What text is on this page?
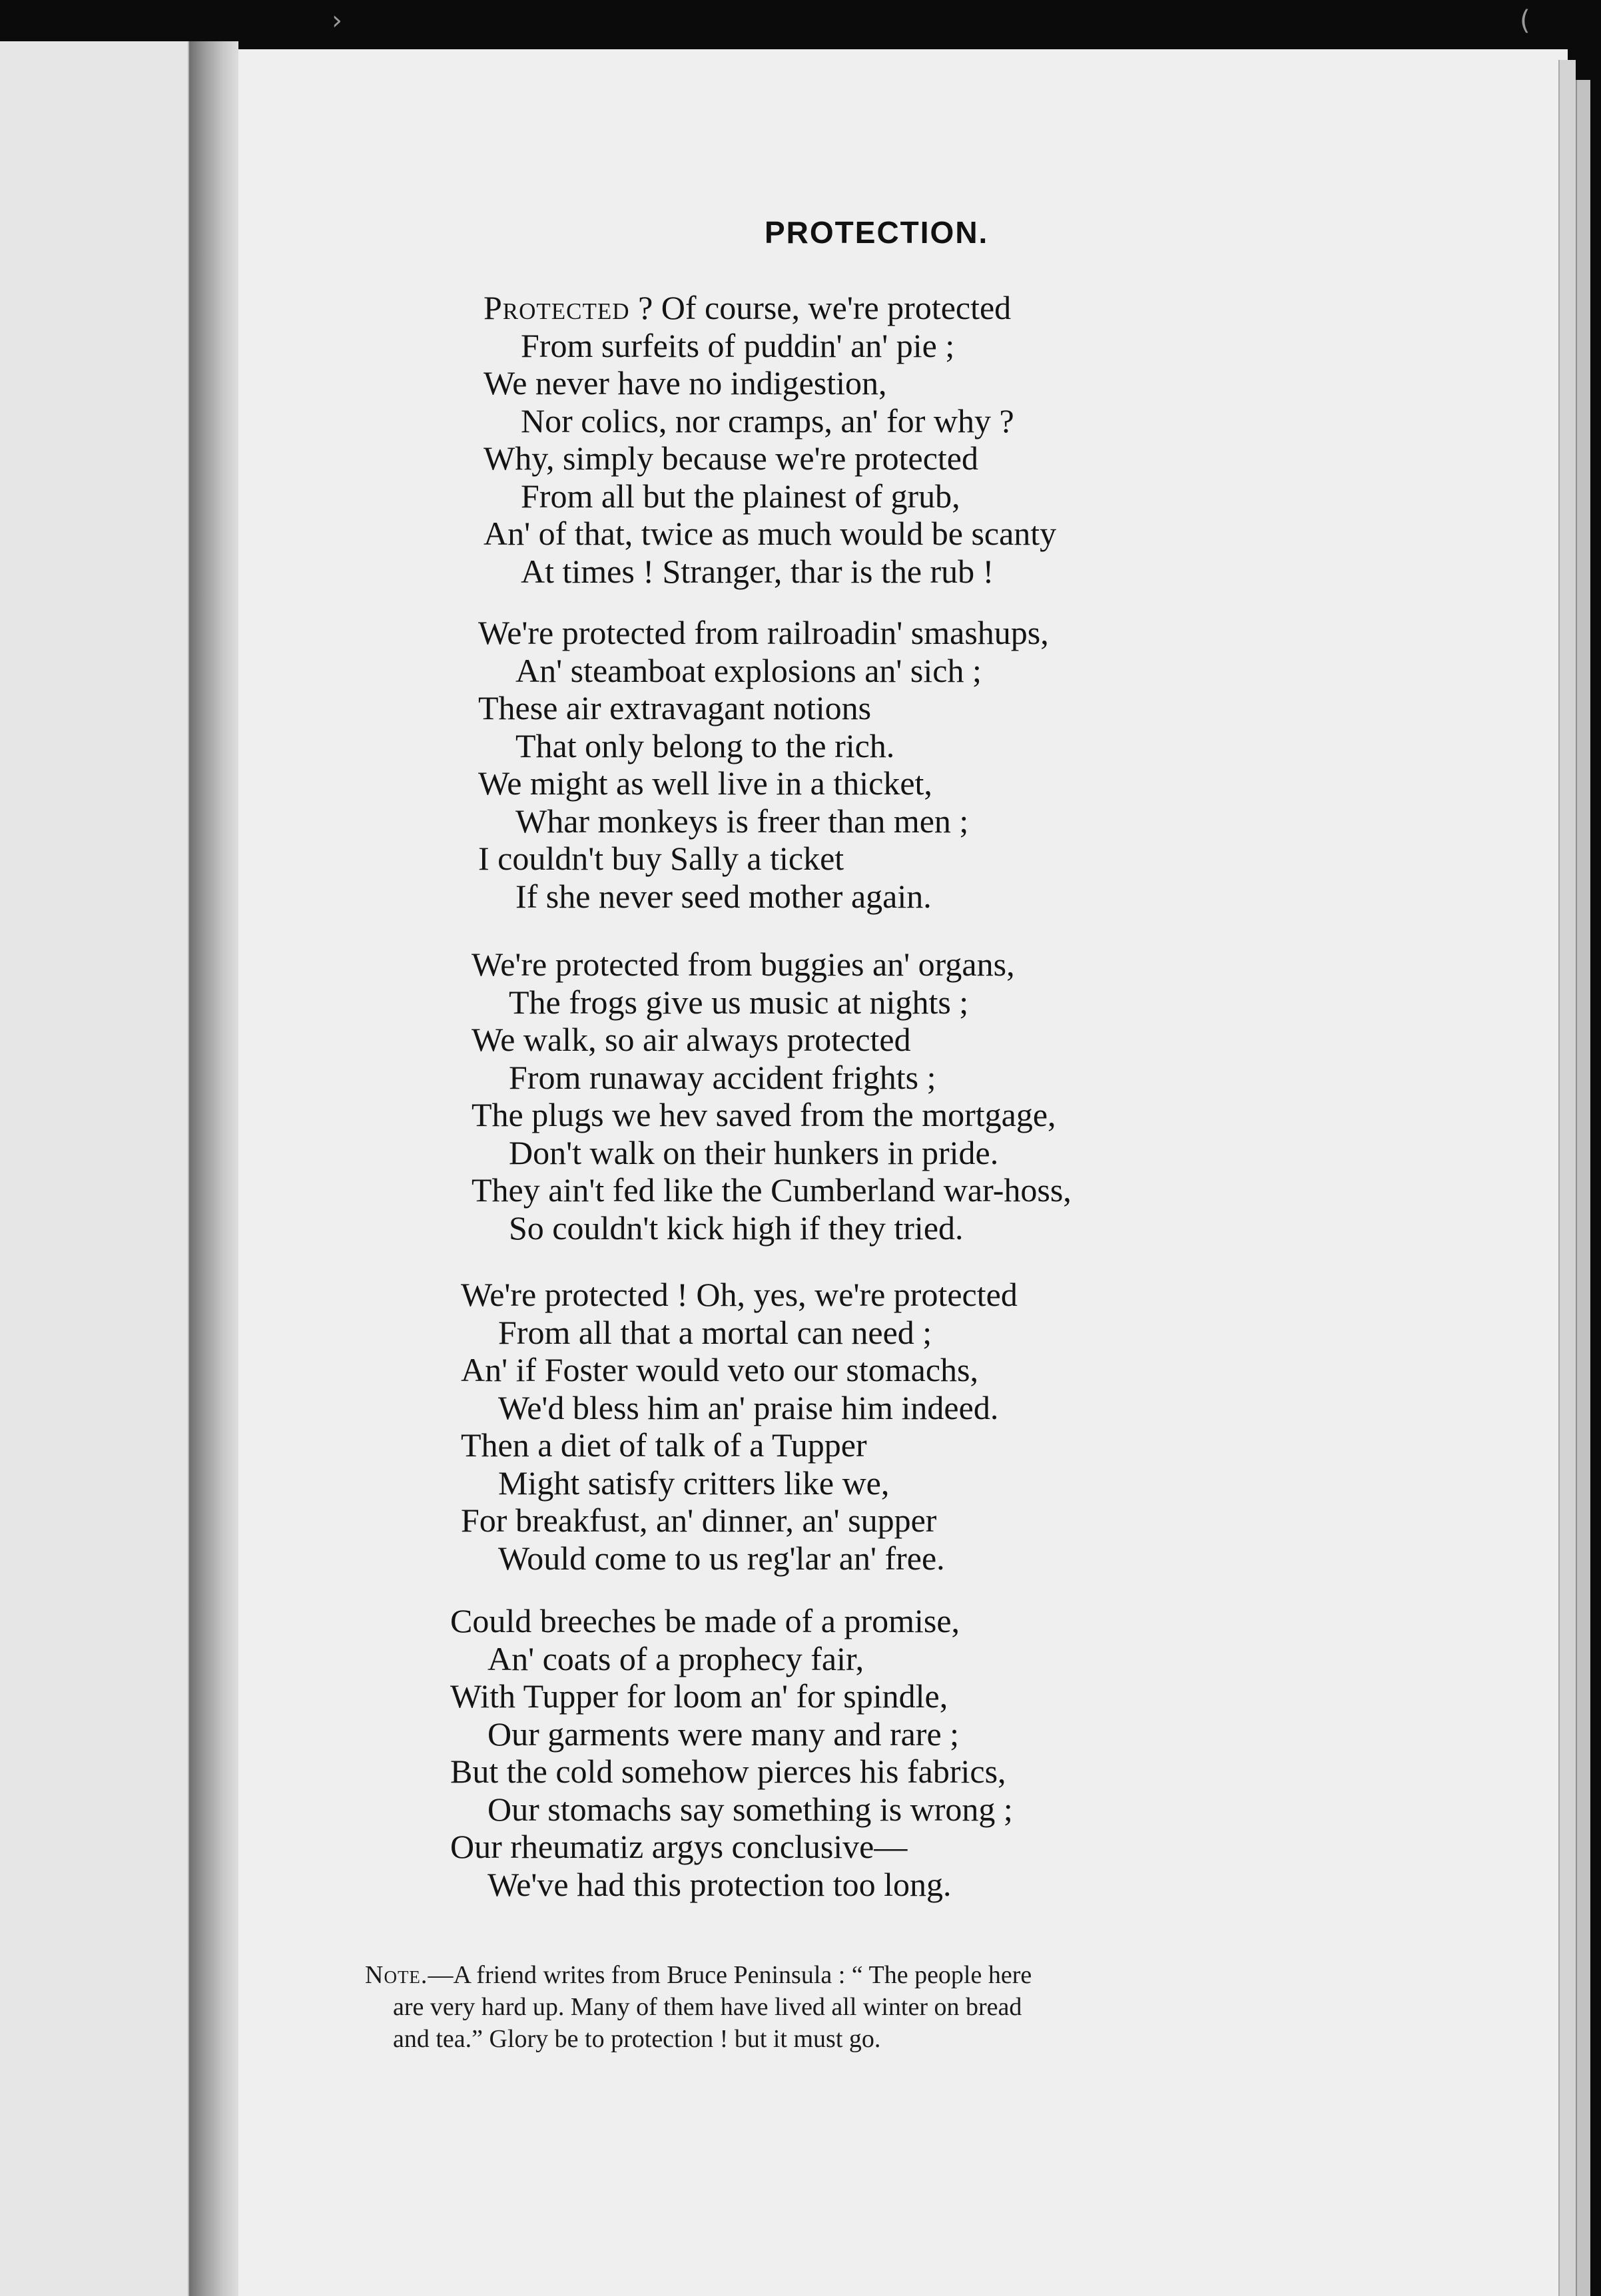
›	(
PROTECTION.
Protected ? Of course, we're protected
From surfeits of puddin' an' pie ;
We never have no indigestion,
Nor colics, nor cramps, an' for why ?
Why, simply because we're protected
From all but the plainest of grub,
An' of that, twice as much would be scanty
At times ! Stranger, thar is the rub !
We're protected from railroadin' smashups,
An' steamboat explosions an' sich ;
These air extravagant notions
That only belong to the rich.
We might as well live in a thicket,
Whar monkeys is freer than men ;
I couldn't buy Sally a ticket
If she never seed mother again.
We're protected from buggies an' organs,
The frogs give us music at nights ;
We walk, so air always protected
From runaway accident frights ;
The plugs we hev saved from the mortgage,
Don't walk on their hunkers in pride.
They ain't fed like the Cumberland war-hoss,
So couldn't kick high if they tried.
We're protected ! Oh, yes, we're protected
From all that a mortal can need ;
An' if Foster would veto our stomachs,
We'd bless him an' praise him indeed.
Then a diet of talk of a Tupper
Might satisfy critters like we,
For breakfust, an' dinner, an' supper
Would come to us reg'lar an' free.
Could breeches be made of a promise,
An' coats of a prophecy fair,
With Tupper for loom an' for spindle,
Our garments were many and rare ;
But the cold somehow pierces his fabrics,
Our stomachs say something is wrong ;
Our rheumatiz argys conclusive—
We've had this protection too long.
Note.—A friend writes from Bruce Peninsula : “ The people here
are very hard up. Many of them have lived all winter on bread
and tea.” Glory be to protection ! but it must go.
